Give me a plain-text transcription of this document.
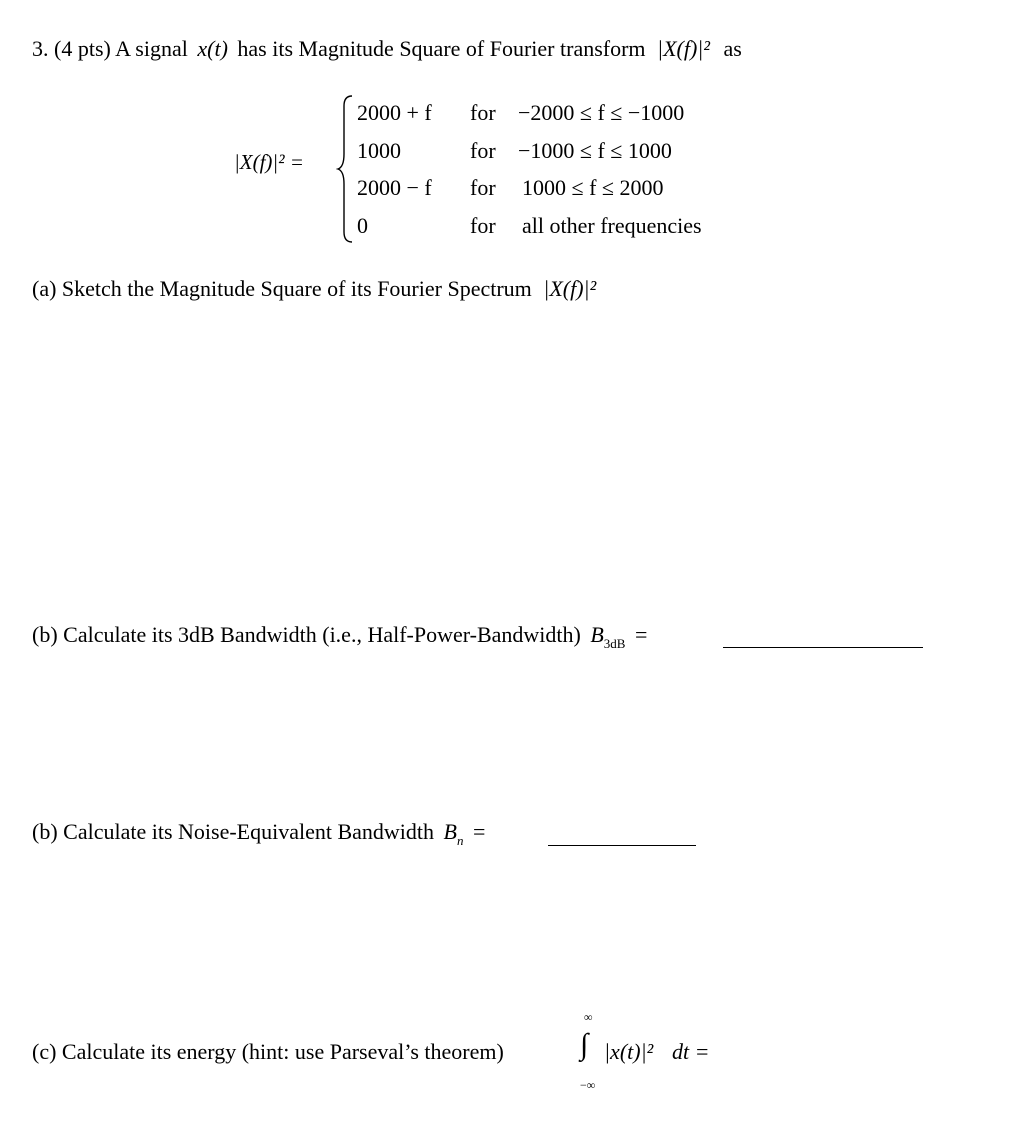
3. (4 pts) A signal x(t) has its Magnitude Square of Fourier transform |X(f)|² as
|X(f)|² =
2000 + f for −2000 ≤ f ≤ −1000
1000	for −1000 ≤ f ≤ 1000
2000 − f for 1000 ≤ f ≤ 2000
0	for all other frequencies
(a) Sketch the Magnitude Square of its Fourier Spectrum |X(f)|²
(b) Calculate its 3dB Bandwidth (i.e., Half-Power-Bandwidth) $B_{3dB}$ =
(b) Calculate its Noise-Equivalent Bandwidth $B_n$ =
(c) Calculate its energy (hint: use Parseval’s theorem)
∞
∫
−∞
|x(t)|² dt =
